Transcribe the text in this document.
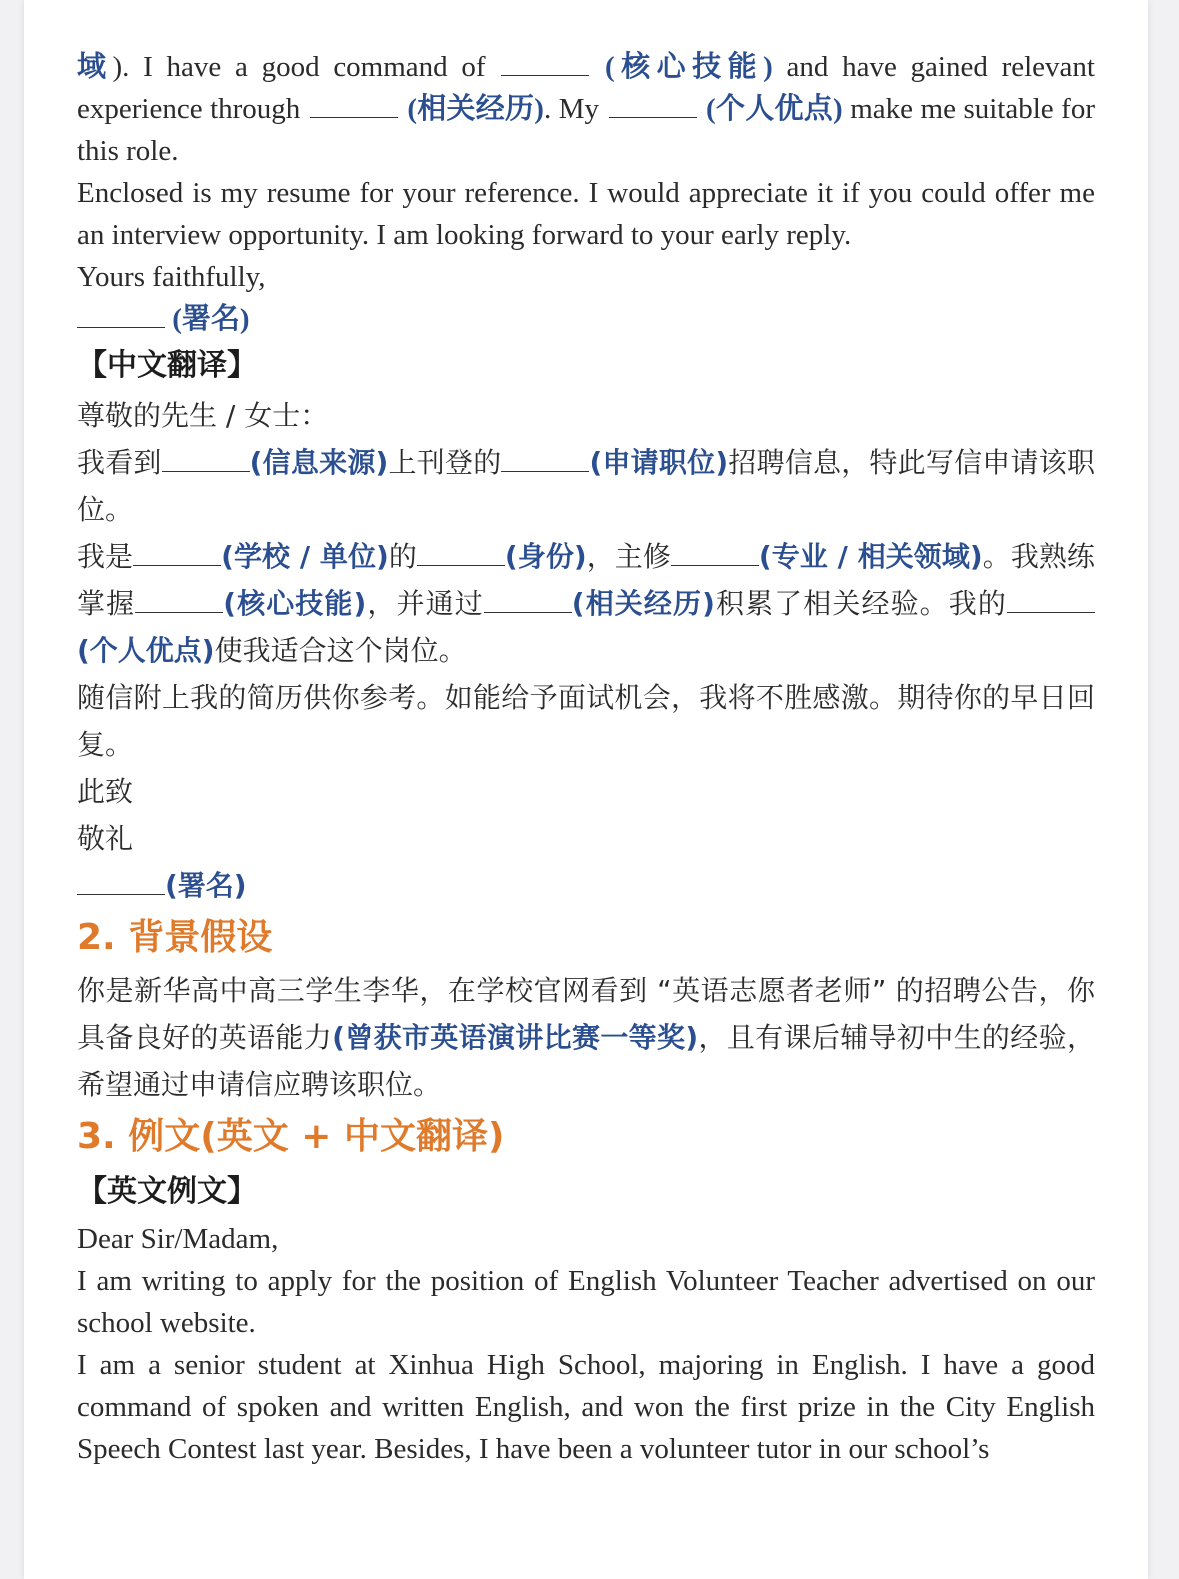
域). I have a good command of	(核心技能) and have gained relevant experience through	(相关经历). My	(个人优点) make me suitable for this role.

Enclosed is my resume for your reference. I would appreciate it if you could offer me an interview opportunity. I am looking forward to your early reply.

Yours faithfully,

(署名)

【中文翻译】

尊敬的先生 / 女士：

我看到	(信息来源)上刊登的	(申请职位)招聘信息，特此写信申请该职位。

我是	(学校 / 单位)的	(身份)，主修	(专业 / 相关领域)。我熟练掌握	(核心技能)，并通过	(相关经历)积累了相关经验。我的(个人优点)使我适合这个岗位。

随信附上我的简历供你参考。如能给予面试机会，我将不胜感激。期待你的早日回复。

此致

敬礼

(署名)

2. 背景假设

你是新华高中高三学生李华，在学校官网看到 “英语志愿者老师” 的招聘公告，你具备良好的英语能力(曾获市英语演讲比赛一等奖)，且有课后辅导初中生的经验，希望通过申请信应聘该职位。

3. 例文(英文 + 中文翻译)

【英文例文】

Dear Sir/Madam,

I am writing to apply for the position of English Volunteer Teacher advertised on our school website.

I am a senior student at Xinhua High School, majoring in English. I have a good command of spoken and written English, and won the first prize in the City English Speech Contest last year. Besides, I have been a volunteer tutor in our school’s
